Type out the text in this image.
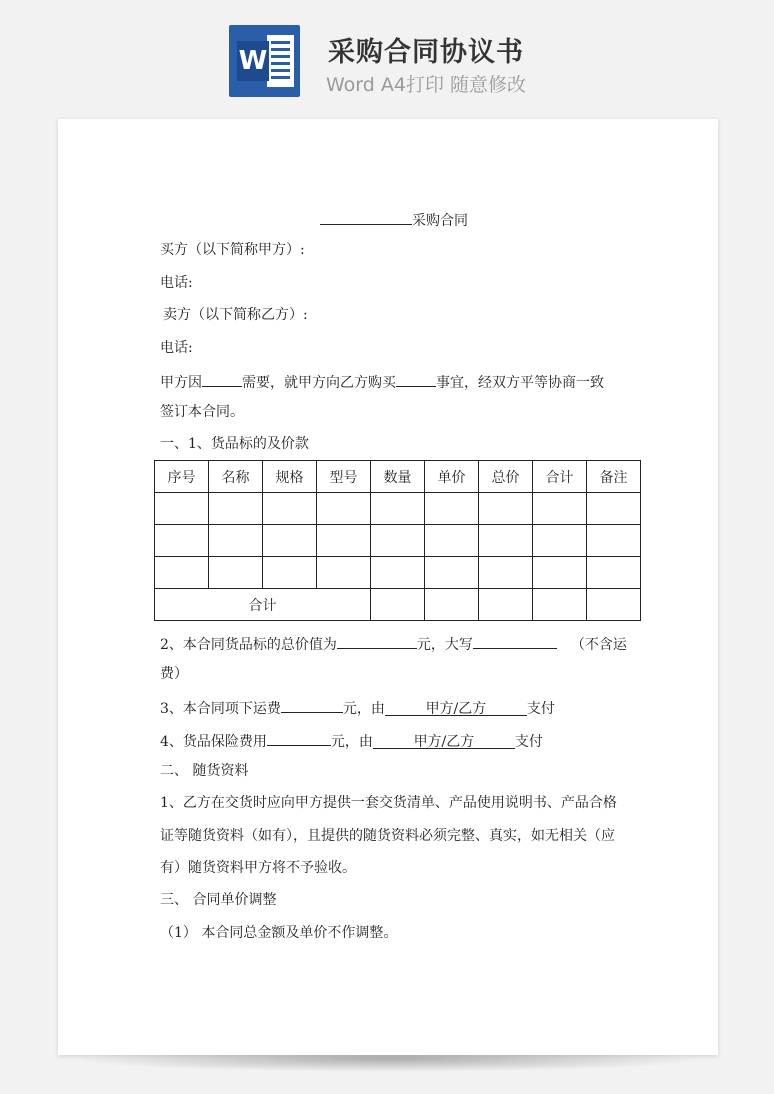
W 采购合同协议书
Word A4打印 随意修改
​
采购合同
买方（以下简称甲方）:
电话:
卖方（以下简称乙方）:
电话:
甲方因	需要，就甲方向乙方购买	事宜，经双方平等协商一致
签订本合同。
一、1、货品标的及价款
序号	名称	规格	型号	数量	单价	总价	合计	备注

合计								
2、本合同货品标的总价值为	元，大写	（不含运
费）
3、本合同项下运费	元，由	甲方/乙方	支付
4、货品保险费用	元，由	甲方/乙方	支付
二、 随货资料
1、乙方在交货时应向甲方提供一套交货清单、产品使用说明书、产品合格
证等随货资料（如有），且提供的随货资料必须完整、真实，如无相关（应
有）随货资料甲方将不予验收。
三、 合同单价调整
（1） 本合同总金额及单价不作调整。
